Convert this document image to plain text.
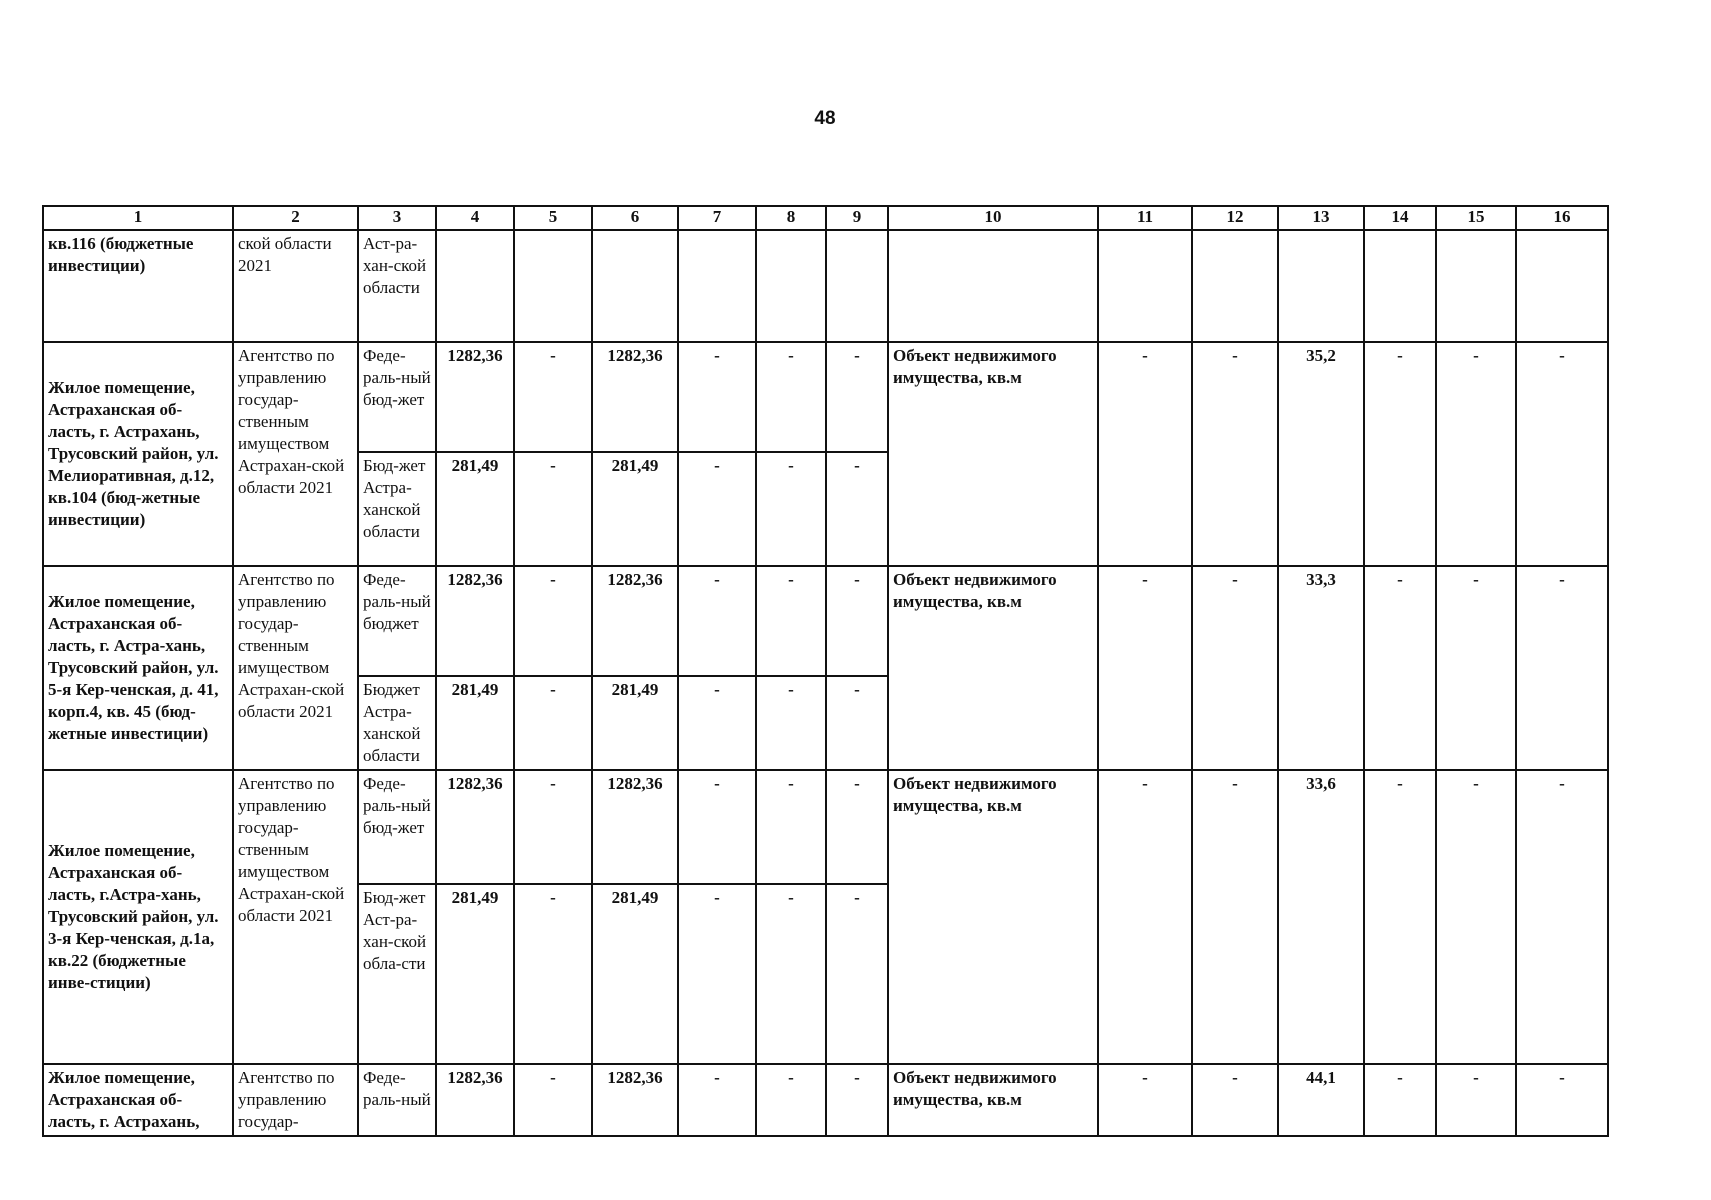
48
1	2	3	4	5	6	7	8	9	10	11	12	13	14	15	16
кв.116 (бюджетные инвестиции)	ской области 2021	Аст-ра-хан-ской области													
Жилое помещение, Астраханская об-ласть, г. Астрахань, Трусовский район, ул. Мелиоративная, д.12, кв.104 (бюд-жетные инвестиции)	Агентство по управлению государ-ственным имуществом Астрахан-ской области 2021	Феде-раль-ный бюд-жет	1282,36	-	1282,36	-	-	-	Объект недвижимого имущества, кв.м	-	-	35,2	-	-	-
		Бюд-жет Астра-ханской области	281,49	-	281,49	-	-	-							
Жилое помещение, Астраханская об-ласть, г. Астра-хань, Трусовский район, ул. 5-я Кер-ченская, д. 41, корп.4, кв. 45 (бюд-жетные инвестиции)	Агентство по управлению государ-ственным имуществом Астрахан-ской области 2021	Феде-раль-ный бюджет	1282,36	-	1282,36	-	-	-	Объект недвижимого имущества, кв.м	-	-	33,3	-	-	-
		Бюджет Астра-ханской области	281,49	-	281,49	-	-	-							
Жилое помещение, Астраханская об-ласть, г.Астра-хань, Трусовский район, ул. 3-я Кер-ченская, д.1а, кв.22 (бюджетные инве-стиции)	Агентство по управлению государ-ственным имуществом Астрахан-ской области 2021	Феде-раль-ный бюд-жет	1282,36	-	1282,36	-	-	-	Объект недвижимого имущества, кв.м	-	-	33,6	-	-	-
		Бюд-жет Аст-ра-хан-ской обла-сти	281,49	-	281,49	-	-	-							
Жилое помещение, Астраханская об-ласть, г. Астрахань,	Агентство по управлению государ-	Феде-раль-ный	1282,36	-	1282,36	-	-	-	Объект недвижимого имущества, кв.м	-	-	44,1	-	-	-
